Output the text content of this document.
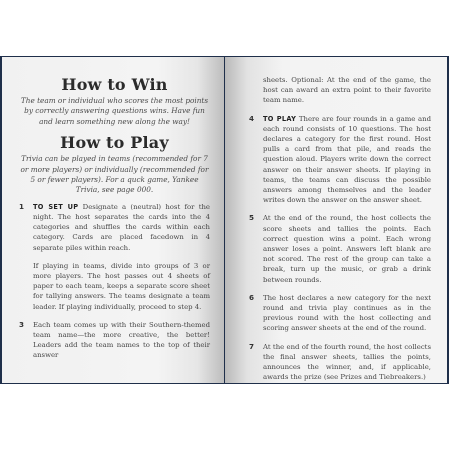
How to Win

The team or individual who scores the most points by correctly answering questions wins. Have fun and learn something new along the way!

How to Play

Trivia can be played in teams (recommended for 7 or more players) or individually (recommended for 5 or fewer players). For a quck game, Yankee Trivia, see page 000.

1	TO SET UP Designate a (neutral) host for the night. The host separates the cards into the 4 categories and shuffles the cards within each category. Cards are placed facedown in 4 separate piles within reach.

If playing in teams, divide into groups of 3 or more players. The host passes out 4 sheets of paper to each team, keeps a separate score sheet for tallying answers. The teams designate a team leader. If playing individually, proceed to step 4.

3	Each team comes up with their Southern-themed team name—the more creative, the better! Leaders add the team names to the top of their answer

sheets. Optional: At the end of the game, the host can award an extra point to their favorite team name.

4	TO PLAY There are four rounds in a game and each round consists of 10 questions. The host declares a category for the first round. Host pulls a card from that pile, and reads the question aloud. Players write down the correct answer on their answer sheets. If playing in teams, the teams can discuss the possible answers among themselves and the leader writes down the answer on the answer sheet.
5	At the end of the round, the host collects the score sheets and tallies the points. Each correct question wins a point. Each wrong answer loses a point. Answers left blank are not scored. The rest of the group can take a break, turn up the music, or grab a drink between rounds.
6	The host declares a new category for the next round and trivia play continues as in the previous round with the host collecting and scoring answer sheets at the end of the round.
7	At the end of the fourth round, the host collects the final answer sheets, tallies the points, announces the winner, and, if applicable, awards the prize (see Prizes and Tiebreakers.)
